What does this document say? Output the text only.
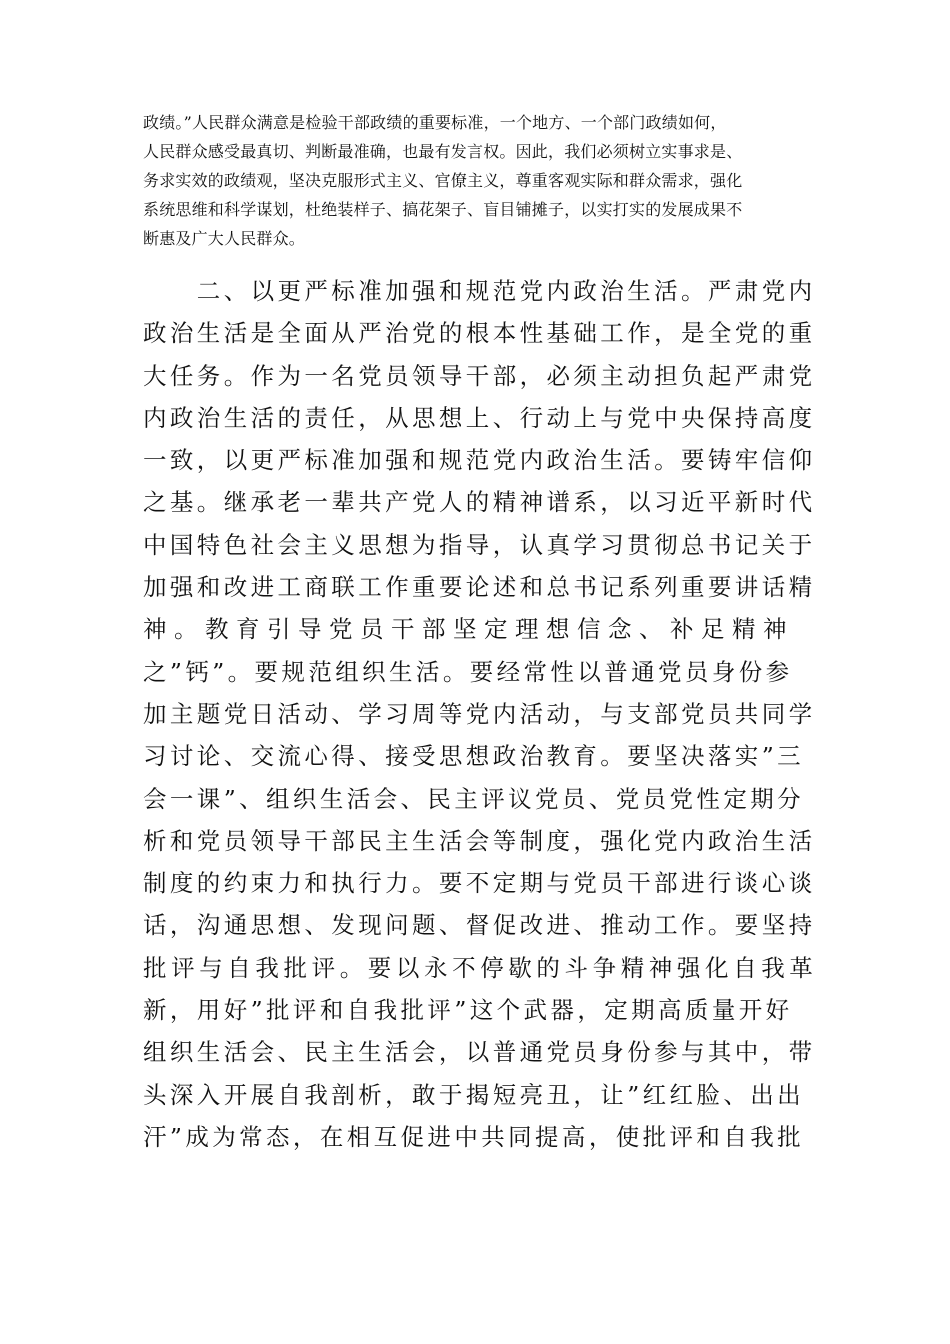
政绩。”人民群众满意是检验干部政绩的重要标准，一个地方、一个部门政绩如何，
人民群众感受最真切、判断最准确，也最有发言权。因此，我们必须树立实事求是、
务求实效的政绩观，坚决克服形式主义、官僚主义，尊重客观实际和群众需求，强化
系统思维和科学谋划，杜绝装样子、搞花架子、盲目铺摊子，以实打实的发展成果不
断惠及广大人民群众。
　　二、以更严标准加强和规范党内政治生活。严肃党内
政治生活是全面从严治党的根本性基础工作，是全党的重
大任务。作为一名党员领导干部，必须主动担负起严肃党
内政治生活的责任，从思想上、行动上与党中央保持高度
一致，以更严标准加强和规范党内政治生活。要铸牢信仰
之基。继承老一辈共产党人的精神谱系，以习近平新时代
中国特色社会主义思想为指导，认真学习贯彻总书记关于
加强和改进工商联工作重要论述和总书记系列重要讲话精
神。教育引导党员干部坚定理想信念、补足精神
之”钙”。要规范组织生活。要经常性以普通党员身份参
加主题党日活动、学习周等党内活动，与支部党员共同学
习讨论、交流心得、接受思想政治教育。要坚决落实”三
会一课”、组织生活会、民主评议党员、党员党性定期分
析和党员领导干部民主生活会等制度，强化党内政治生活
制度的约束力和执行力。要不定期与党员干部进行谈心谈
话，沟通思想、发现问题、督促改进、推动工作。要坚持
批评与自我批评。要以永不停歇的斗争精神强化自我革
新，用好”批评和自我批评”这个武器，定期高质量开好
组织生活会、民主生活会，以普通党员身份参与其中，带
头深入开展自我剖析，敢于揭短亮丑，让”红红脸、出出
汗”成为常态，在相互促进中共同提高，使批评和自我批
